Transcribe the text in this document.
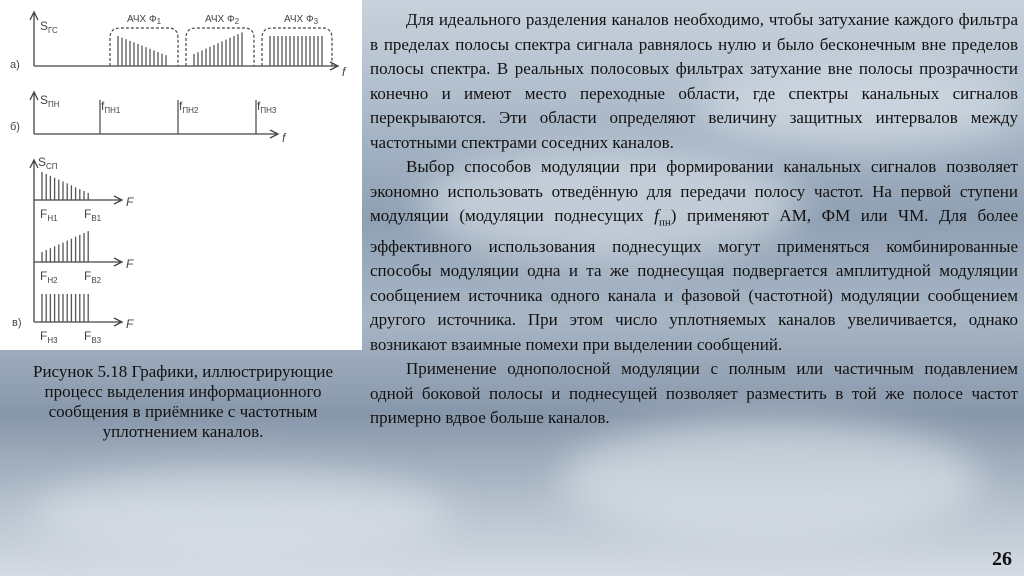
а)
$S_{ГС}$
f
АЧХ $Ф_1$	АЧХ $Ф_2$	АЧХ $Ф_3$
б)
$S_{ПН}$
f
$f_{ПН1}$	$f_{ПН2}$	$f_{ПН3}$
в)
$S_{СП}$
F
F
F
$F_{Н1}$ $F_{В1}$
$F_{Н2}$ $F_{В2}$
$F_{Н3}$ $F_{В3}$
Рисунок 5.18 Графики, иллюстрирующие процесс выделения информационного сообщения в приёмнике с частотным уплотнением каналов.

Для идеального разделения каналов необходимо, чтобы затухание каждого фильтра в пределах полосы спектра сигнала равнялось нулю и было бесконечным вне пределов полосы спектра. В реальных полосовых фильтрах затухание вне полосы прозрачности конечно и имеют место переходные области, где спектры канальных сигналов перекрываются. Эти области определяют величину защитных интервалов между частотными спектрами соседних каналов.

Выбор способов модуляции при формировании канальных сигналов позволяет экономно использовать отведённую для передачи полосу частот. На первой ступени модуляции (модуляции поднесущих $f_{пн}$) применяют АМ, ФМ или ЧМ. Для более эффективного использования поднесущих могут применяться комбинированные способы модуляции одна и та же поднесущая подвергается амплитудной модуляции сообщением источника одного канала и фазовой (частотной) модуляции сообщением другого источника. При этом число уплотняемых каналов увеличивается, однако возникают взаимные помехи при выделении сообщений.

Применение однополосной модуляции с полным или частичным подавлением одной боковой полосы и поднесущей позволяет разместить в той же полосе частот примерно вдвое больше каналов.

26
